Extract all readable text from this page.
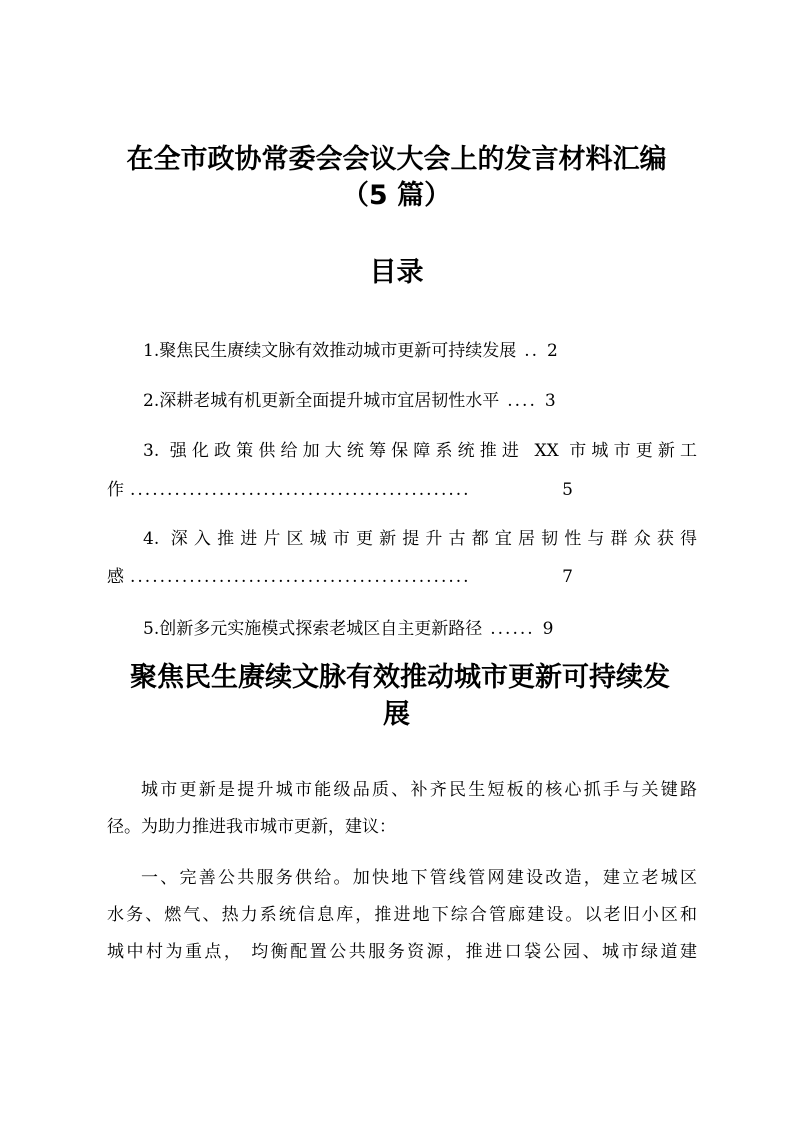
在全市政协常委会会议大会上的发言材料汇编
（5 篇）
目录
1.聚焦民生赓续文脉有效推动城市更新可持续发展 .. 2
2.深耕老城有机更新全面提升城市宜居韧性水平 .... 3
3. 强化政策供给加大统筹保障系统推进 XX 市城市更新工
作 ..............................................	5
4. 深入推进片区城市更新提升古都宜居韧性与群众获得
感 ..............................................	7
5.创新多元实施模式探索老城区自主更新路径 ...... 9
聚焦民生赓续文脉有效推动城市更新可持续发
展
城市更新是提升城市能级品质、补齐民生短板的核心抓手与关键路
径。为助力推进我市城市更新，建议：
一、完善公共服务供给。加快地下管线管网建设改造，建立老城区
水务、燃气、热力系统信息库，推进地下综合管廊建设。以老旧小区和
城中村为重点， 均衡配置公共服务资源，推进口袋公园、城市绿道建
